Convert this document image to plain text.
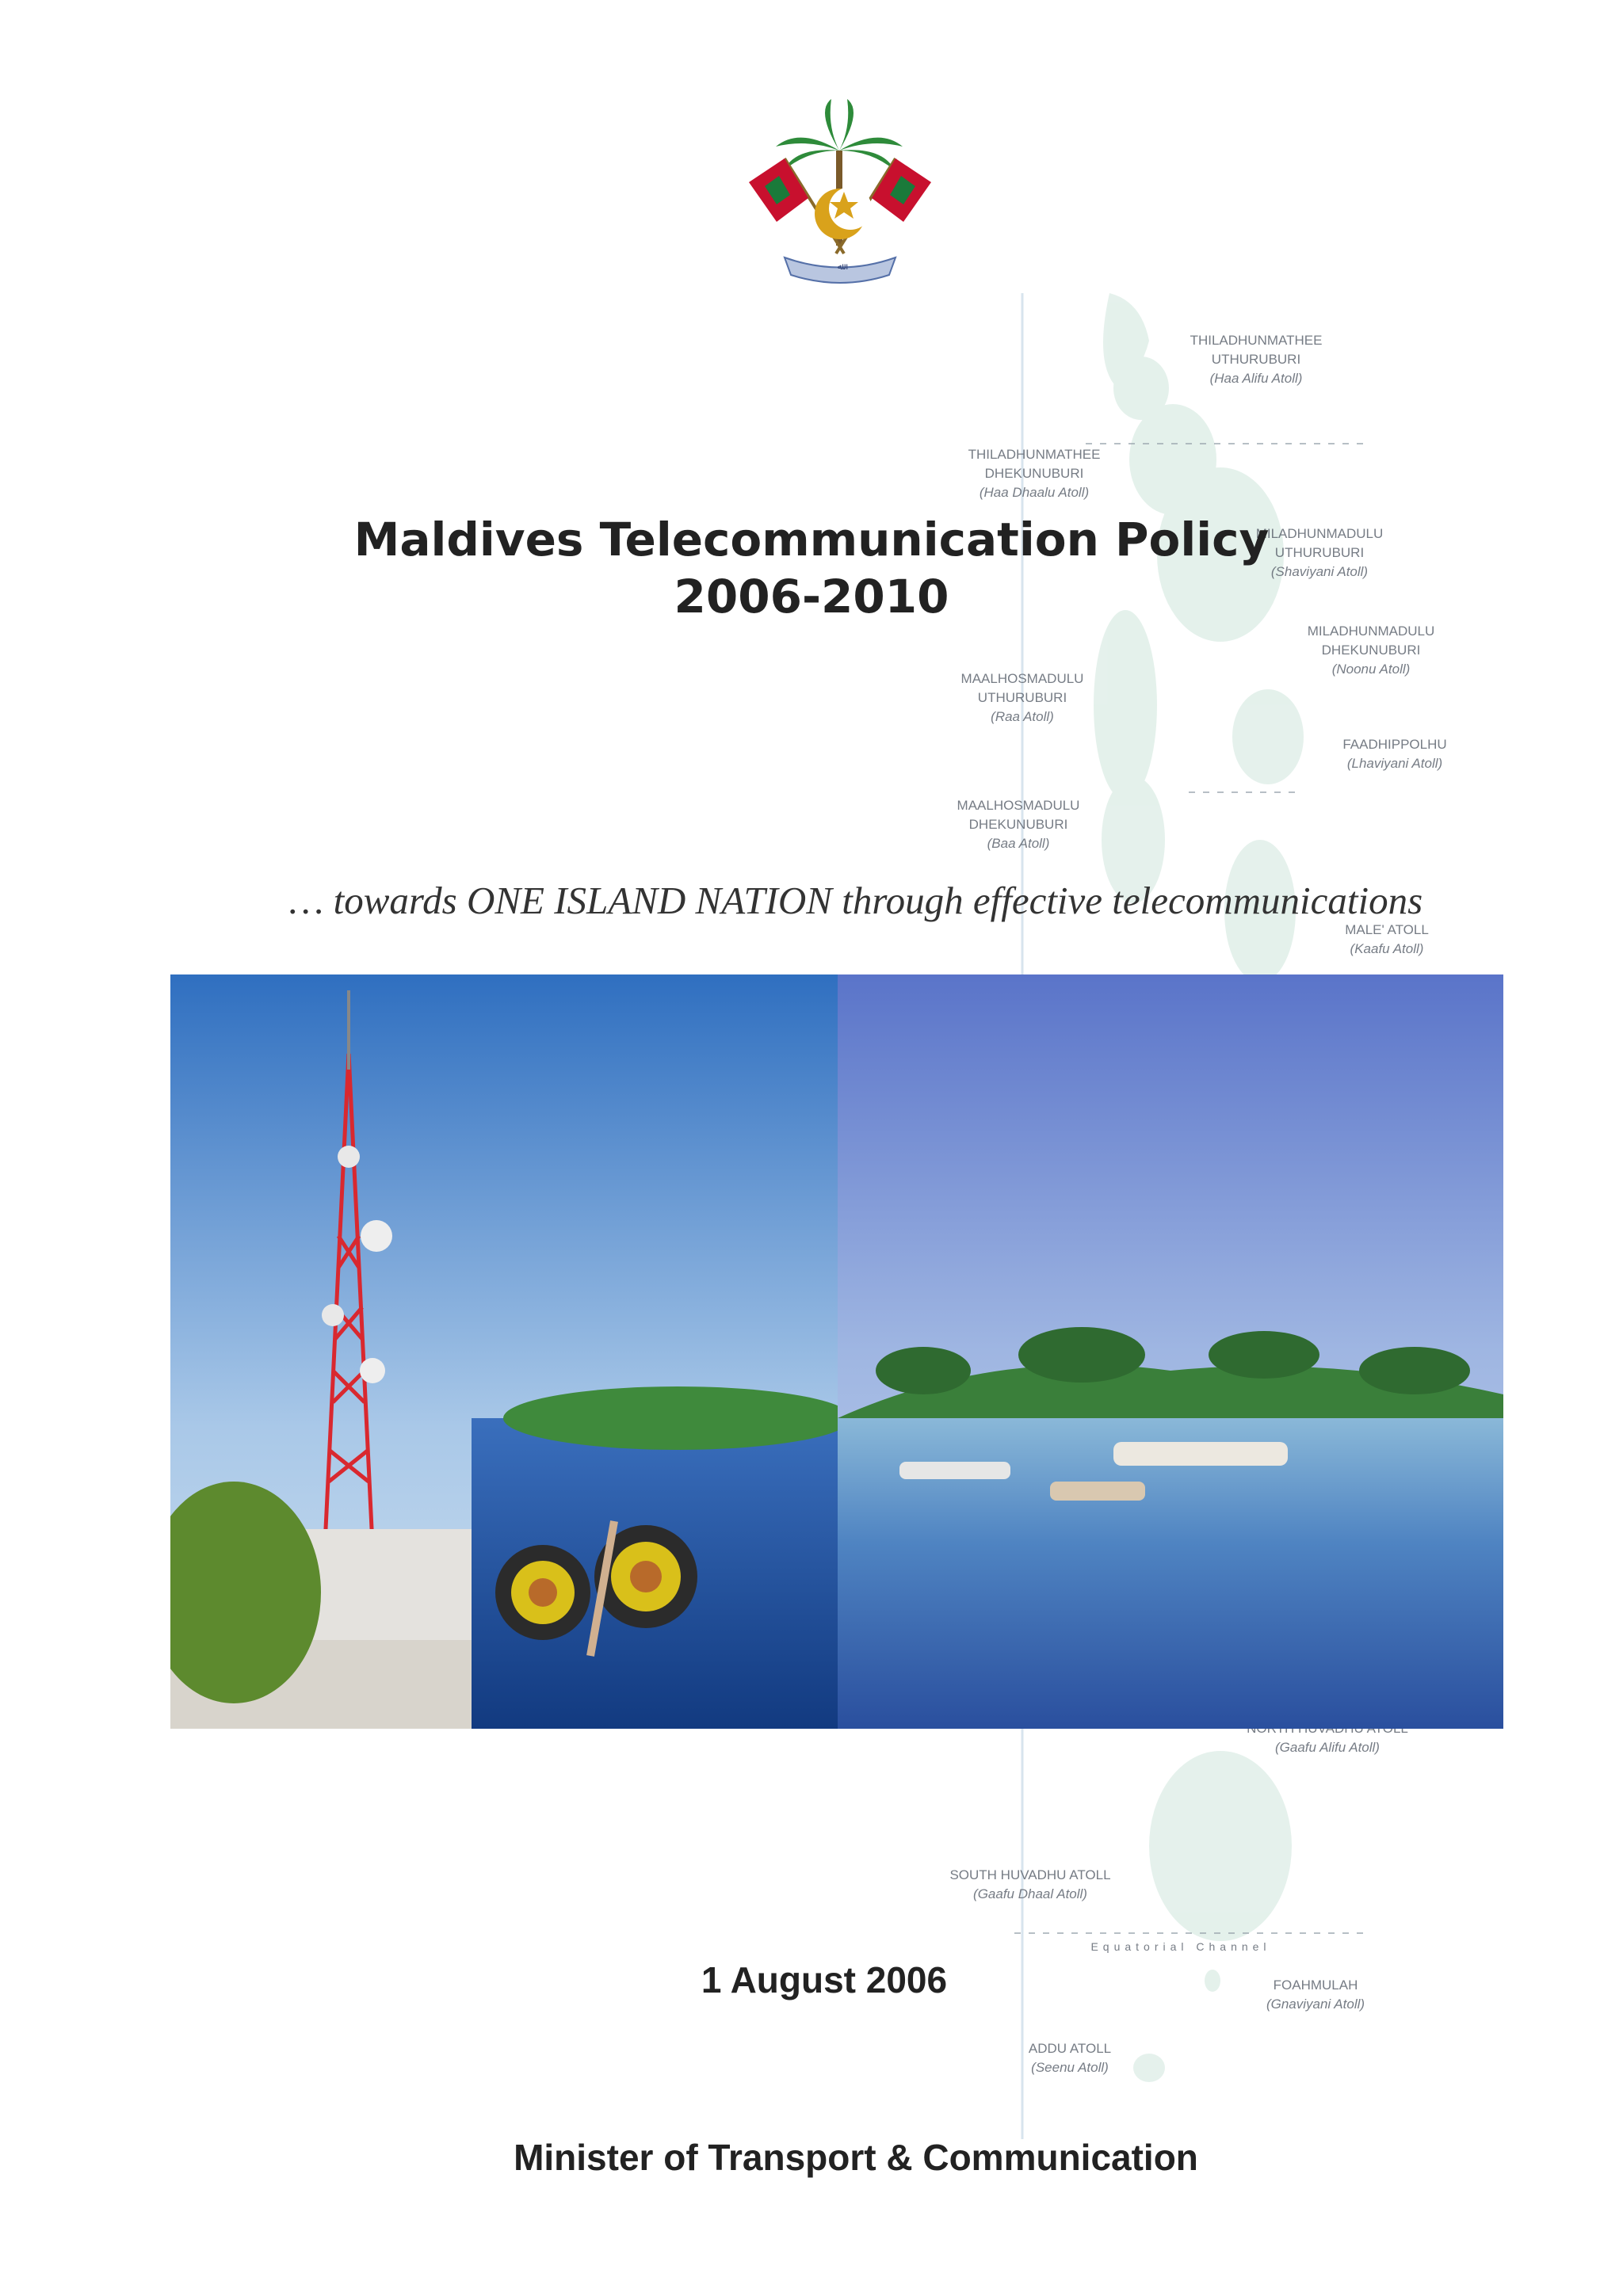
THILADHUNMATHEE
UTHURUBURI
(Haa Alifu Atoll)
THILADHUNMATHEE
DHEKUNUBURI
(Haa Dhaalu Atoll)
MILADHUNMADULU
UTHURUBURI
(Shaviyani Atoll)
MILADHUNMADULU
DHEKUNUBURI
(Noonu Atoll)
MAALHOSMADULU
UTHURUBURI
(Raa Atoll)
FAADHIPPOLHU
(Lhaviyani Atoll)
MAALHOSMADULU
DHEKUNUBURI
(Baa Atoll)
MALE' ATOLL
(Kaafu Atoll)

(Gaafu Alifu Atoll)
SOUTH HUVADHU ATOLL
(Gaafu Dhaal Atoll)
Equatorial Channel
FOAHMULAH
(Gnaviyani Atoll)
ADDU ATOLL
(Seenu Atoll)
ﷲ
Maldives Telecommunication Policy
2006-2010
… towards ONE ISLAND NATION through effective telecommunications
1 August 2006
Minister of Transport & Communication
